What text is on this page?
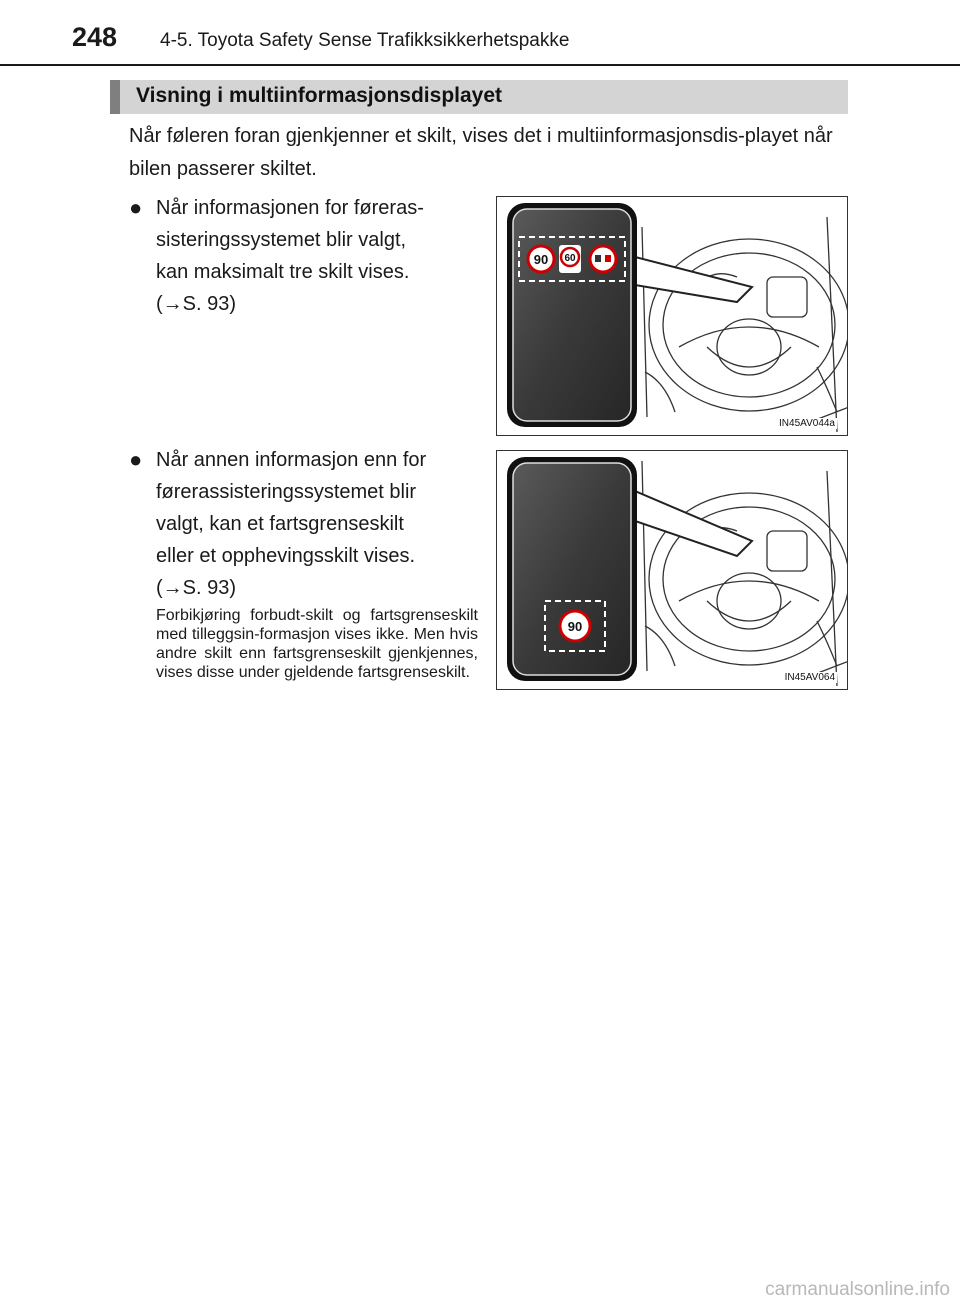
248 4-5. Toyota Safety Sense Trafikksikkerhetspakke
Visning i multiinformasjonsdisplayet
Når føleren foran gjenkjenner et skilt, vises det i multiinformasjonsdis-playet når bilen passerer skiltet.
● Når informasjonen for føreras-

sisteringssystemet blir valgt,

kan maksimalt tre skilt vises.

(→S. 93)

● Når annen informasjon enn for

førerassisteringssystemet blir

valgt, kan et fartsgrenseskilt

eller et opphevingsskilt vises.

(→S. 93)

Forbikjøring forbudt-skilt og fartsgrenseskilt med tilleggsin-formasjon vises ikke. Men hvis andre skilt enn fartsgrenseskilt gjenkjennes, vises disse under gjeldende fartsgrenseskilt.
90 60
IN45AV044a
90
IN45AV064
carmanualsonline.info
